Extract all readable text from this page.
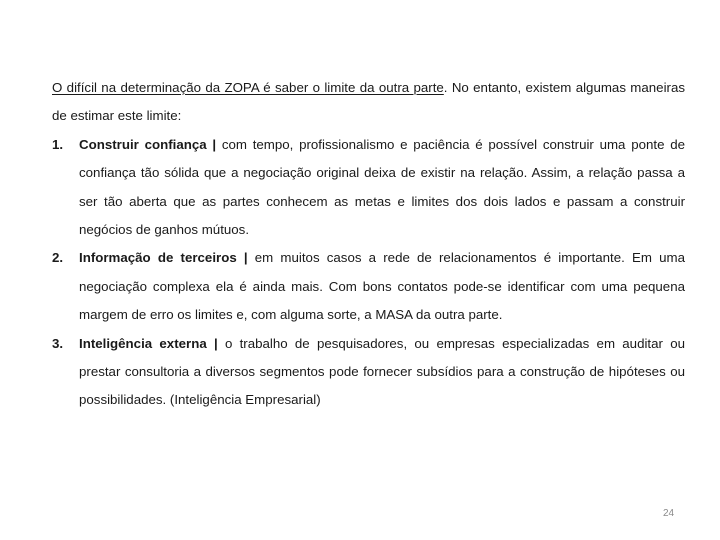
O difícil na determinação da ZOPA é saber o limite da outra parte. No entanto, existem algumas maneiras de estimar este limite:

1. Construir confiança | com tempo, profissionalismo e paciência é possível construir uma ponte de confiança tão sólida que a negociação original deixa de existir na relação. Assim, a relação passa a ser tão aberta que as partes conhecem as metas e limites dos dois lados e passam a construir negócios de ganhos mútuos.
2. Informação de terceiros | em muitos casos a rede de relacionamentos é importante. Em uma negociação complexa ela é ainda mais. Com bons contatos pode-se identificar com uma pequena margem de erro os limites e, com alguma sorte, a MASA da outra parte.
3. Inteligência externa | o trabalho de pesquisadores, ou empresas especializadas em auditar ou prestar consultoria a diversos segmentos pode fornecer subsídios para a construção de hipóteses ou possibilidades. (Inteligência Empresarial)
24
